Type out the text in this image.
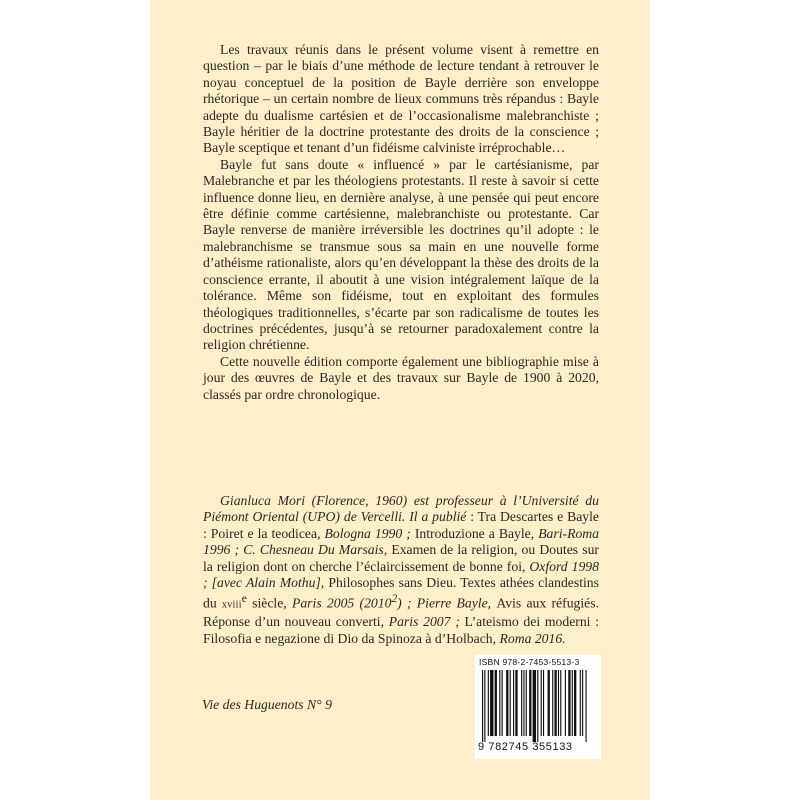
Les travaux réunis dans le présent volume visent à remettre en question – par le biais d’une méthode de lecture tendant à retrouver le noyau conceptuel de la position de Bayle derrière son enveloppe rhétorique – un certain nombre de lieux communs très répandus : Bayle adepte du dualisme cartésien et de l’occasionalisme malebranchiste ; Bayle héritier de la doctrine protestante des droits de la conscience ; Bayle sceptique et tenant d’un fidéisme calviniste irréprochable…

Bayle fut sans doute « influencé » par le cartésianisme, par Malebranche et par les théologiens protestants. Il reste à savoir si cette influence donne lieu, en dernière analyse, à une pensée qui peut encore être définie comme cartésienne, malebranchiste ou protestante. Car Bayle renverse de manière irréversible les doctrines qu’il adopte : le malebranchisme se transmue sous sa main en une nouvelle forme d’athéisme rationaliste, alors qu’en développant la thèse des droits de la conscience errante, il aboutit à une vision intégralement laïque de la tolérance. Même son fidéisme, tout en exploitant des formules théologiques traditionnelles, s’écarte par son radicalisme de toutes les doctrines précédentes, jusqu’à se retourner paradoxalement contre la religion chrétienne.

Cette nouvelle édition comporte également une bibliographie mise à jour des œuvres de Bayle et des travaux sur Bayle de 1900 à 2020, classés par ordre chronologique.

Gianluca Mori (Florence, 1960) est professeur à l’Université du Piémont Oriental (UPO) de Vercelli. Il a publié : Tra Descartes e Bayle : Poiret e la teodicea, Bologna 1990 ; Introduzione a Bayle, Bari-Roma 1996 ; C. Chesneau Du Marsais, Examen de la religion, ou Doutes sur la religion dont on cherche l’éclaircissement de bonne foi, Oxford 1998 ; [avec Alain Mothu], Philosophes sans Dieu. Textes athées clandestins du xviii$^e$ siècle, Paris 2005 (2010$^2$) ; Pierre Bayle, Avis aux réfugiés. Réponse d’un nouveau converti, Paris 2007 ; L’ateismo dei moderni : Filosofia e negazione di Dio da Spinoza à d’Holbach, Roma 2016.
Vie des Huguenots N° 9
ISBN 978-2-7453-5513-3
9 782745 355133
